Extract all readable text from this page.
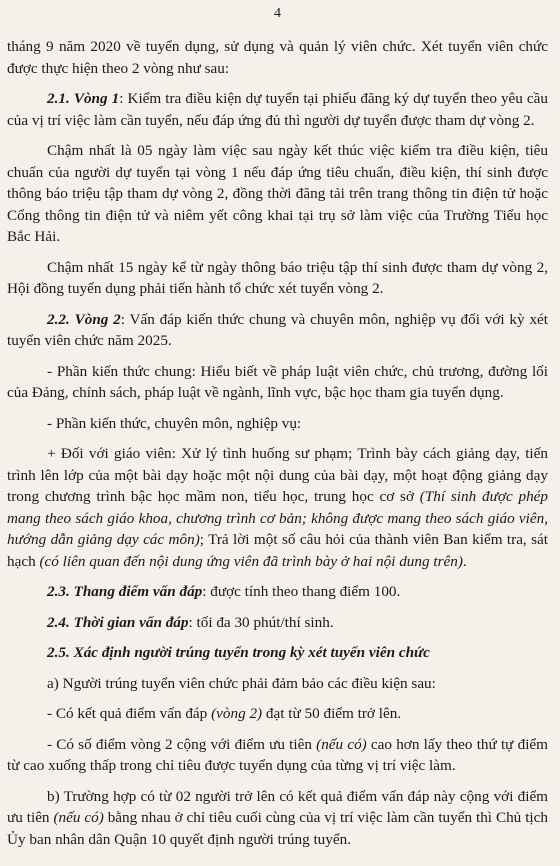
4

tháng 9 năm 2020 về tuyển dụng, sử dụng và quản lý viên chức. Xét tuyển viên chức được thực hiện theo 2 vòng như sau:

2.1. Vòng 1: Kiểm tra điều kiện dự tuyển tại phiếu đăng ký dự tuyển theo yêu cầu của vị trí việc làm cần tuyển, nếu đáp ứng đủ thì người dự tuyển được tham dự vòng 2.

Chậm nhất là 05 ngày làm việc sau ngày kết thúc việc kiểm tra điều kiện, tiêu chuẩn của người dự tuyển tại vòng 1 nếu đáp ứng tiêu chuẩn, điều kiện, thí sinh được thông báo triệu tập tham dự vòng 2, đồng thời đăng tải trên trang thông tin điện tử hoặc Cổng thông tin điện tử và niêm yết công khai tại trụ sở làm việc của Trường Tiểu học Bắc Hải.

Chậm nhất 15 ngày kể từ ngày thông báo triệu tập thí sinh được tham dự vòng 2, Hội đồng tuyển dụng phải tiến hành tổ chức xét tuyển vòng 2.

2.2. Vòng 2: Vấn đáp kiến thức chung và chuyên môn, nghiệp vụ đối với kỳ xét tuyển viên chức năm 2025.

- Phần kiến thức chung: Hiểu biết về pháp luật viên chức, chủ trương, đường lối của Đảng, chính sách, pháp luật về ngành, lĩnh vực, bậc học tham gia tuyển dụng.

- Phần kiến thức, chuyên môn, nghiệp vụ:

+ Đối với giáo viên: Xử lý tình huống sư phạm; Trình bày cách giảng dạy, tiến trình lên lớp của một bài dạy hoặc một nội dung của bài dạy, một hoạt động giảng dạy trong chương trình bậc học mầm non, tiểu học, trung học cơ sở (Thí sinh được phép mang theo sách giáo khoa, chương trình cơ bản; không được mang theo sách giáo viên, hướng dẫn giảng dạy các môn); Trả lời một số câu hỏi của thành viên Ban kiểm tra, sát hạch (có liên quan đến nội dung ứng viên đã trình bày ở hai nội dung trên).

2.3. Thang điểm vấn đáp: được tính theo thang điểm 100.

2.4. Thời gian vấn đáp: tối đa 30 phút/thí sinh.

2.5. Xác định người trúng tuyển trong kỳ xét tuyển viên chức

a) Người trúng tuyển viên chức phải đảm bảo các điều kiện sau:

- Có kết quả điểm vấn đáp (vòng 2) đạt từ 50 điểm trở lên.

- Có số điểm vòng 2 cộng với điểm ưu tiên (nếu có) cao hơn lấy theo thứ tự điểm từ cao xuống thấp trong chỉ tiêu được tuyển dụng của từng vị trí việc làm.

b) Trường hợp có từ 02 người trở lên có kết quả điểm vấn đáp này cộng với điểm ưu tiên (nếu có) bằng nhau ở chỉ tiêu cuối cùng của vị trí việc làm cần tuyển thì Chủ tịch Ủy ban nhân dân Quận 10 quyết định người trúng tuyển.
